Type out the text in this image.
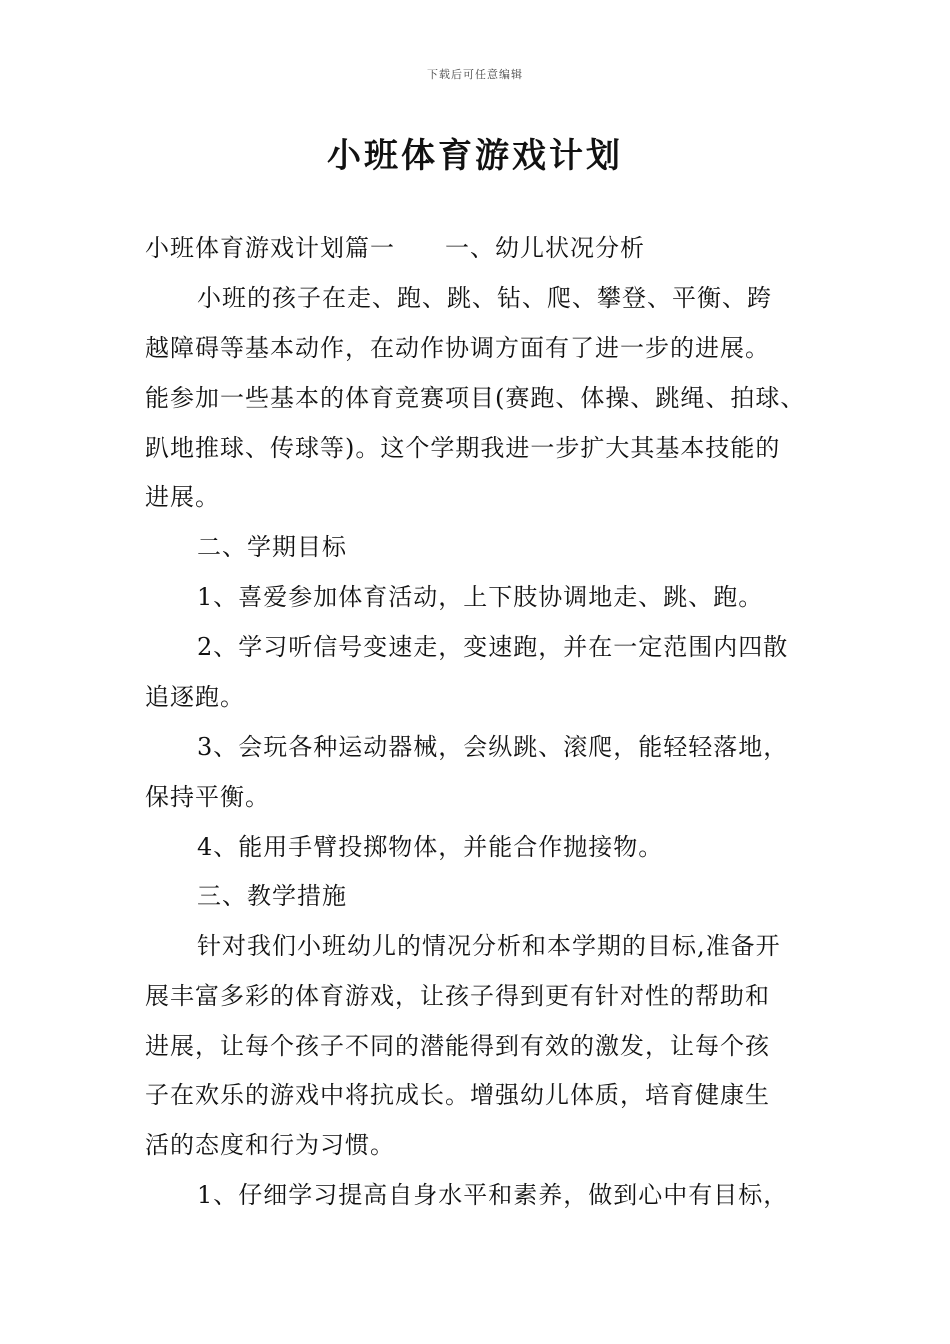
下载后可任意编辑
小班体育游戏计划
小班体育游戏计划篇一 一、幼儿状况分析
小班的孩子在走、跑、跳、钻、爬、攀登、平衡、跨
越障碍等基本动作，在动作协调方面有了进一步的进展。
能参加一些基本的体育竞赛项目(赛跑、体操、跳绳、拍球、
趴地推球、传球等)。这个学期我进一步扩大其基本技能的
进展。
二、学期目标
1、喜爱参加体育活动，上下肢协调地走、跳、跑。
2、学习听信号变速走，变速跑，并在一定范围内四散
追逐跑。
3、会玩各种运动器械，会纵跳、滚爬，能轻轻落地，
保持平衡。
4、能用手臂投掷物体，并能合作抛接物。
三、教学措施
针对我们小班幼儿的情况分析和本学期的目标,准备开
展丰富多彩的体育游戏，让孩子得到更有针对性的帮助和
进展，让每个孩子不同的潜能得到有效的激发，让每个孩
子在欢乐的游戏中将抗成长。增强幼儿体质，培育健康生
活的态度和行为习惯。
1、仔细学习提高自身水平和素养，做到心中有目标，
